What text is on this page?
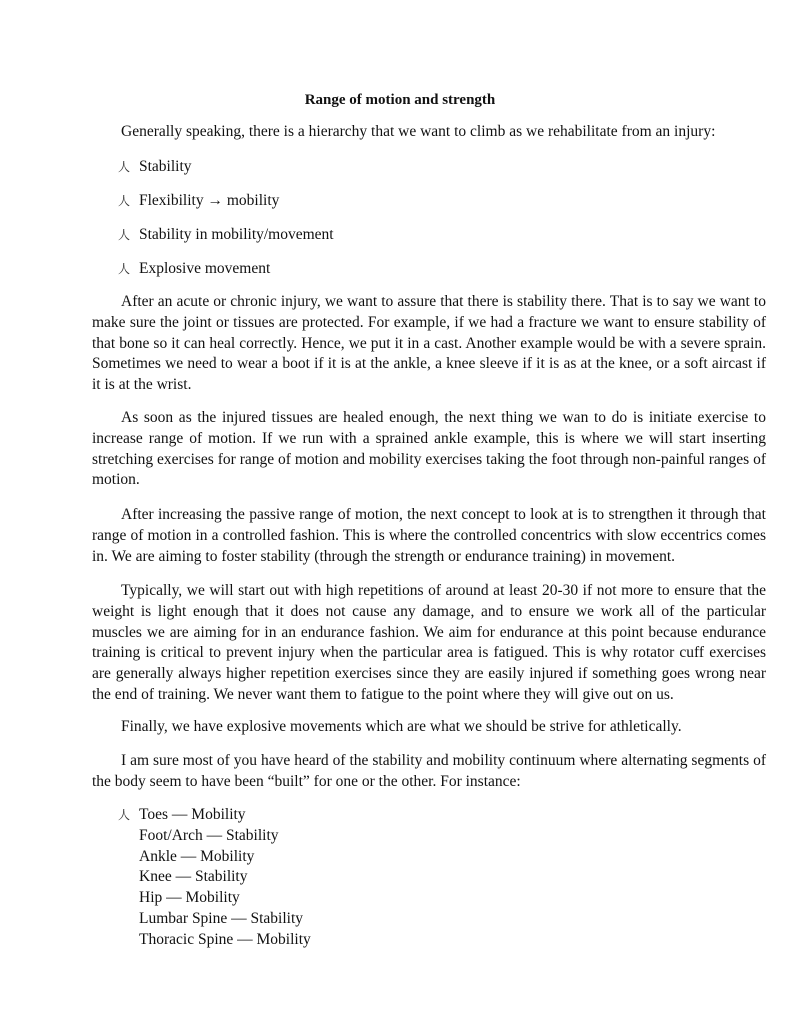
Range of motion and strength

Generally speaking, there is a hierarchy that we want to climb as we rehabilitate from an injury:

⼈ Stability
⼈ Flexibility → mobility
⼈ Stability in mobility/movement
⼈ Explosive movement

After an acute or chronic injury, we want to assure that there is stability there. That is to say we want to make sure the joint or tissues are protected. For example, if we had a fracture we want to ensure stability of that bone so it can heal correctly. Hence, we put it in a cast. Another example would be with a severe sprain. Sometimes we need to wear a boot if it is at the ankle, a knee sleeve if it is as at the knee, or a soft aircast if it is at the wrist.

As soon as the injured tissues are healed enough, the next thing we wan to do is initiate exercise to increase range of motion. If we run with a sprained ankle example, this is where we will start inserting stretching exercises for range of motion and mobility exercises taking the foot through non-painful ranges of motion.

After increasing the passive range of motion, the next concept to look at is to strengthen it through that range of motion in a controlled fashion. This is where the controlled concentrics with slow eccentrics comes in. We are aiming to foster stability (through the strength or endurance training) in movement.

Typically, we will start out with high repetitions of around at least 20-30 if not more to ensure that the weight is light enough that it does not cause any damage, and to ensure we work all of the particular muscles we are aiming for in an endurance fashion. We aim for endurance at this point because endurance training is critical to prevent injury when the particular area is fatigued. This is why rotator cuff exercises are generally always higher repetition exercises since they are easily injured if something goes wrong near the end of training. We never want them to fatigue to the point where they will give out on us.

Finally, we have explosive movements which are what we should be strive for athletically.

I am sure most of you have heard of the stability and mobility continuum where alternating segments of the body seem to have been “built” for one or the other. For instance:

⼈ Toes — Mobility
Foot/Arch — Stability
Ankle — Mobility
Knee — Stability
Hip — Mobility
Lumbar Spine — Stability
Thoracic Spine — Mobility
